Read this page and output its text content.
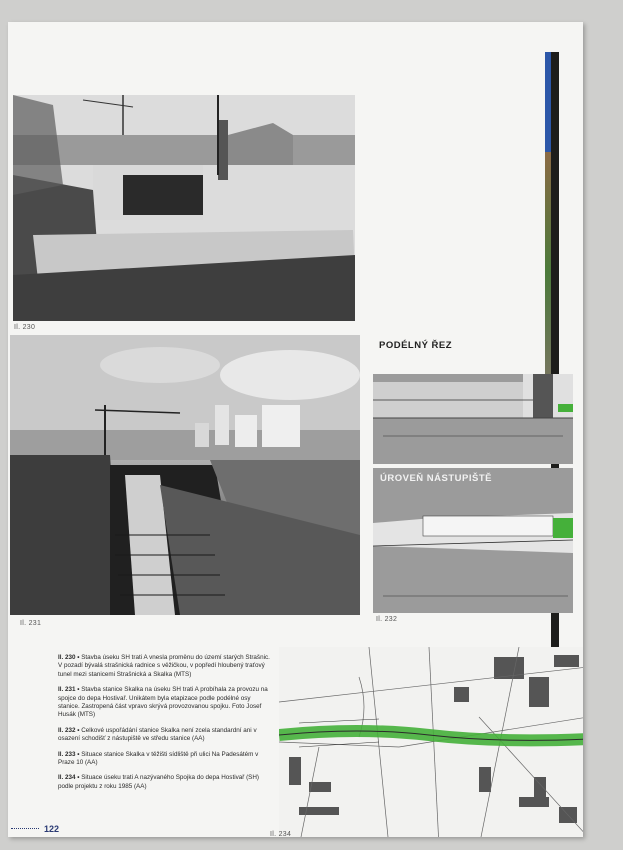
Il. 230
Il. 231
PODÉLNÝ ŘEZ
ÚROVEŇ NÁSTUPIŠTĚ
Il. 232

Il. 230 • Stavba úseku SH trati A vnesla proměnu do území starých Strašnic. V pozadí bývalá strašnická radnice s věžičkou, v popředí hloubený traťový tunel mezi stanicemi Strašnická a Skalka (MTS)

Il. 231 • Stavba stanice Skalka na úseku SH trati A probíhala za provozu na spojce do depa Hostivař. Unikátem byla etapizace podle podélné osy stanice. Zastropená část vpravo skrývá provozovanou spojku. Foto Josef Husák (MTS)

Il. 232 • Celkové uspořádání stanice Skalka není zcela standardní ani v osazení schodišť z nástupiště ve středu stanice (AA)

Il. 233 • Situace stanice Skalka v těžišti sídliště při ulici Na Padesátém v Praze 10 (AA)

Il. 234 • Situace úseku trati A nazývaného Spojka do depa Hostivař (SH) podle projektu z roku 1985 (AA)

Il. 234
122
